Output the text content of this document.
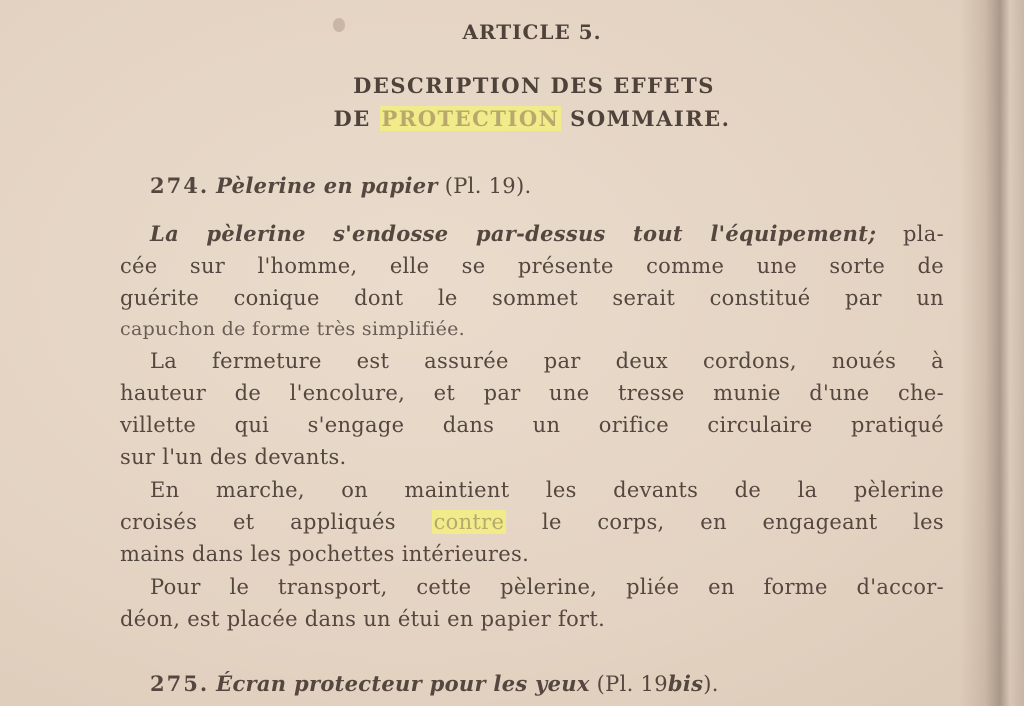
ARTICLE 5.
DESCRIPTION DES EFFETS
DE PROTECTION SOMMAIRE.
274. Pèlerine en papier (Pl. 19).
La pèlerine s'endosse par-dessus tout l'équipement; pla-
cée sur l'homme, elle se présente comme une sorte de
guérite conique dont le sommet serait constitué par un
capuchon de forme très simplifiée.
La fermeture est assurée par deux cordons, noués à
hauteur de l'encolure, et par une tresse munie d'une che-
villette qui s'engage dans un orifice circulaire pratiqué
sur l'un des devants.
En marche, on maintient les devants de la pèlerine
croisés et appliqués contre le corps, en engageant les
mains dans les pochettes intérieures.
Pour le transport, cette pèlerine, pliée en forme d'accor-
déon, est placée dans un étui en papier fort.
275. Écran protecteur pour les yeux (Pl. 19bis).
